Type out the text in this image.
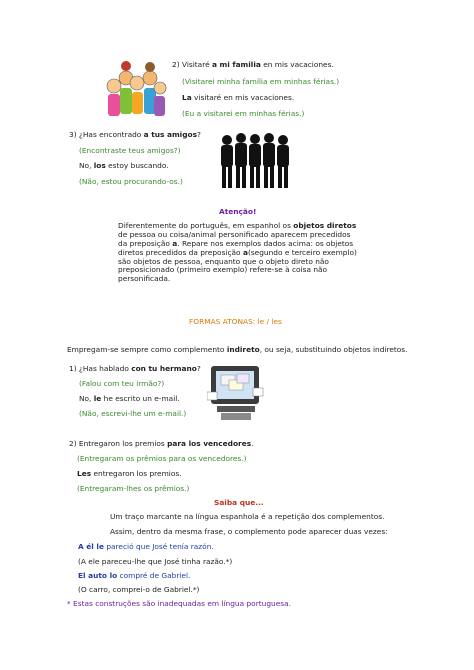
2) Visitaré a mi familia en mis vacaciones.
(Visitarei minha família em minhas férias.)
La visitaré en mis vacaciones.
(Eu a visitarei em minhas férias.)
3) ¿Has encontrado a tus amigos?
(Encontraste teus amigos?)
No, los estoy buscando.
(Não, estou procurando-os.)
Atenção!
Diferentemente do português, em espanhol os objetos diretos de pessoa ou coisa/animal personificado aparecem precedidos da preposição a. Repare nos exemplos dados acima: os objetos diretos precedidos da preposição a(segundo e terceiro exemplo) são objetos de pessoa, enquanto que o objeto direto não preposicionado (primeiro exemplo) refere-se à coisa não personificada.
FORMAS ATONAS: le / les
Empregam-se sempre como complemento indireto, ou seja, substituindo objetos indiretos.
1) ¿Has hablado con tu hermano?
(Falou com teu irmão?)
No, le he escrito un e-mail.
(Não, escrevi-lhe um e-mail.)
2) Entregaron los premios para los vencedores.
(Entregaram os prêmios para os vencedores.)
Les entregaron los premios.
(Entregaram-lhes os prêmios.)
Saiba que...
Um traço marcante na língua espanhola é a repetição dos complementos.
Assim, dentro da mesma frase, o complemento pode aparecer duas vezes:
A él le pareció que José tenía razón.
(A ele pareceu-lhe que José tinha razão.*)
El auto lo compré de Gabriel.
(O carro, comprei-o de Gabriel.*)
* Estas construções são inadequadas em língua portuguesa.
